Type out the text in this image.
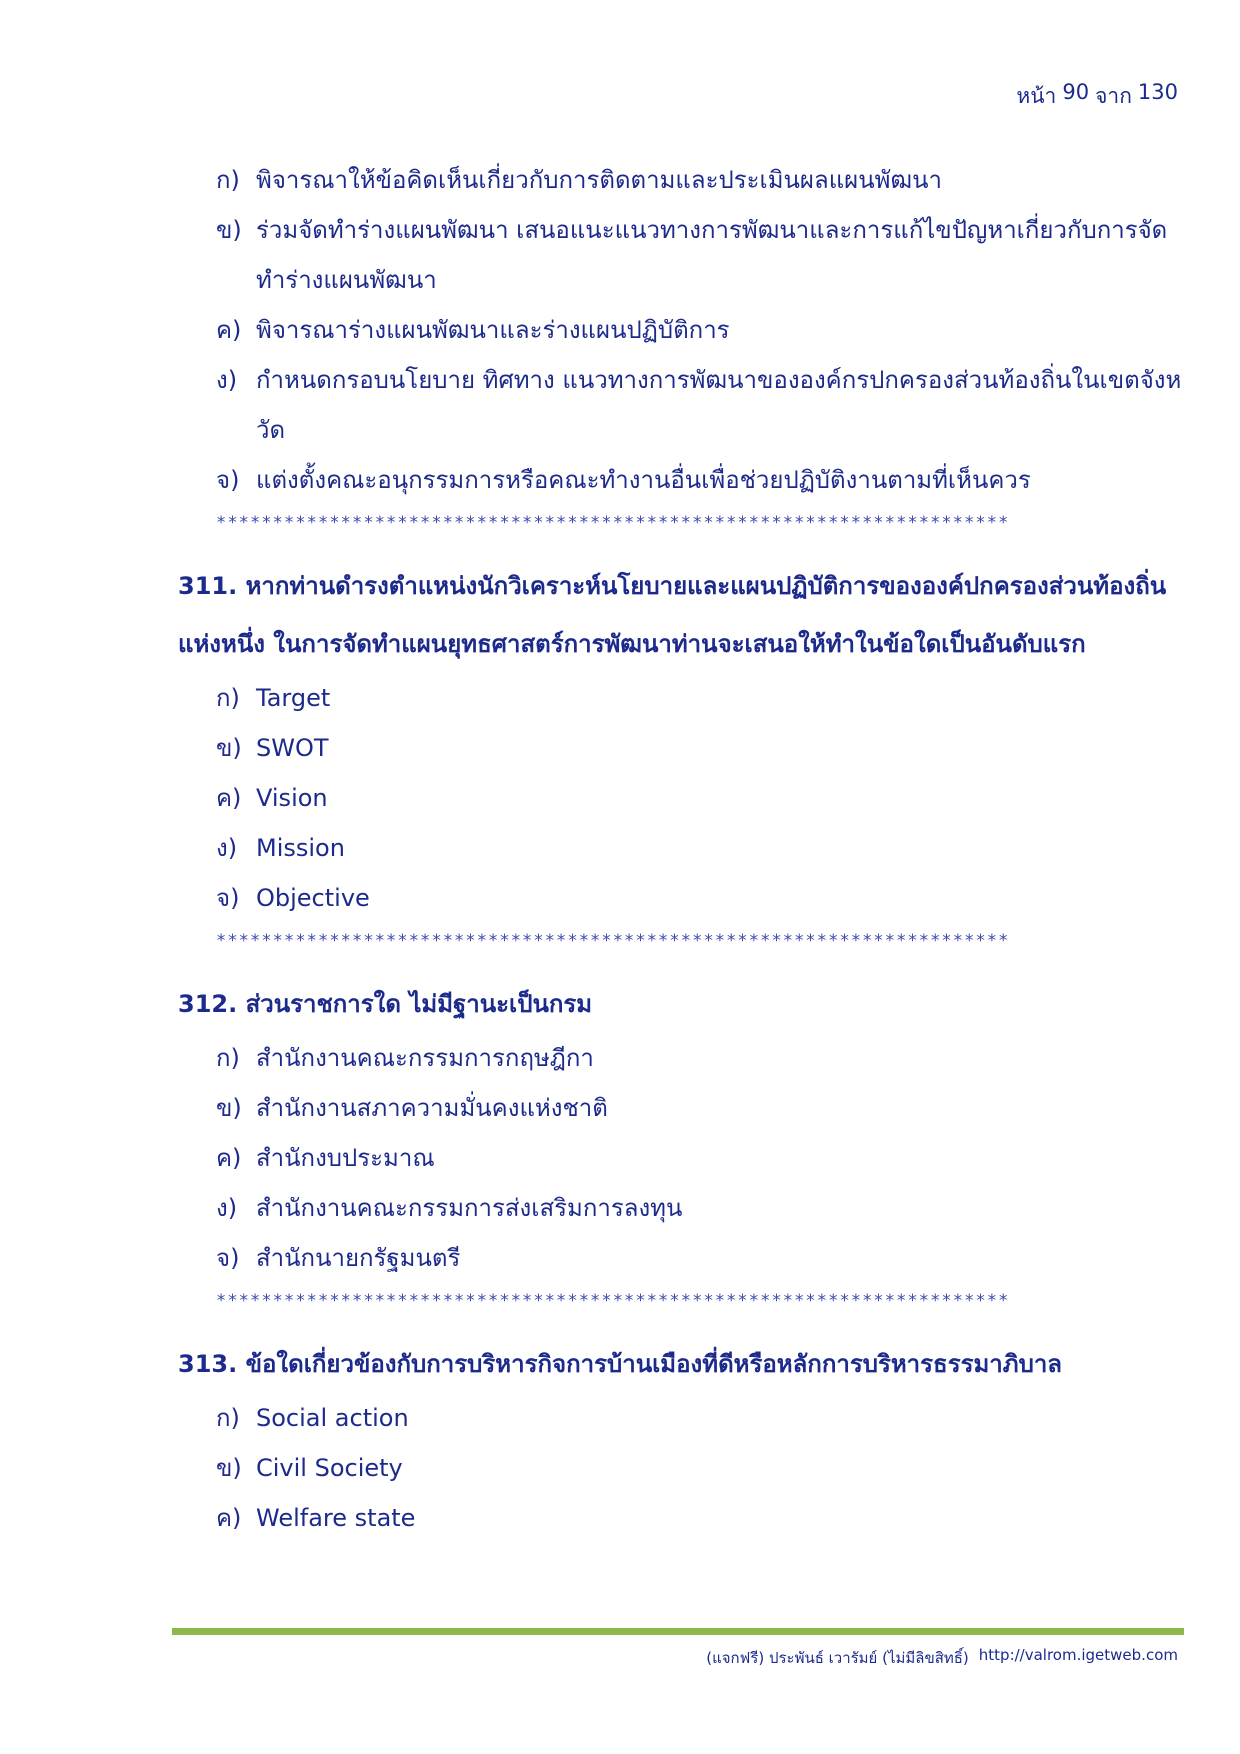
หน้า 90 จาก 130
ก) พิจารณาให้ข้อคิดเห็นเกี่ยวกับการติดตามและประเมินผลแผนพัฒนา
ข) ร่วมจัดทำร่างแผนพัฒนา เสนอแนะแนวทางการพัฒนาและการแก้ไขปัญหาเกี่ยวกับการจัดทำร่างแผนพัฒนา
ค) พิจารณาร่างแผนพัฒนาและร่างแผนปฏิบัติการ
ง) กำหนดกรอบนโยบาย ทิศทาง แนวทางการพัฒนาขององค์กรปกครองส่วนท้องถิ่นในเขตจังหวัด
จ) แต่งตั้งคณะอนุกรรมการหรือคณะทำงานอื่นเพื่อช่วยปฏิบัติงานตามที่เห็นควร
**********************************************************************
311. หากท่านดำรงตำแหน่งนักวิเคราะห์นโยบายและแผนปฏิบัติการขององค์ปกครองส่วนท้องถิ่นแห่งหนึ่ง ในการจัดทำแผนยุทธศาสตร์การพัฒนาท่านจะเสนอให้ทำในข้อใดเป็นอันดับแรก
ก) Target
ข) SWOT
ค) Vision
ง) Mission
จ) Objective
**********************************************************************
312. ส่วนราชการใด ไม่มีฐานะเป็นกรม
ก) สำนักงานคณะกรรมการกฤษฎีกา
ข) สำนักงานสภาความมั่นคงแห่งชาติ
ค) สำนักงบประมาณ
ง) สำนักงานคณะกรรมการส่งเสริมการลงทุน
จ) สำนักนายกรัฐมนตรี
**********************************************************************
313. ข้อใดเกี่ยวข้องกับการบริหารกิจการบ้านเมืองที่ดีหรือหลักการบริหารธรรมาภิบาล
ก) Social action
ข) Civil Society
ค) Welfare state
(แจกฟรี) ประพันธ์ เวารัมย์ (ไม่มีลิขสิทธิ์) http://valrom.igetweb.com
